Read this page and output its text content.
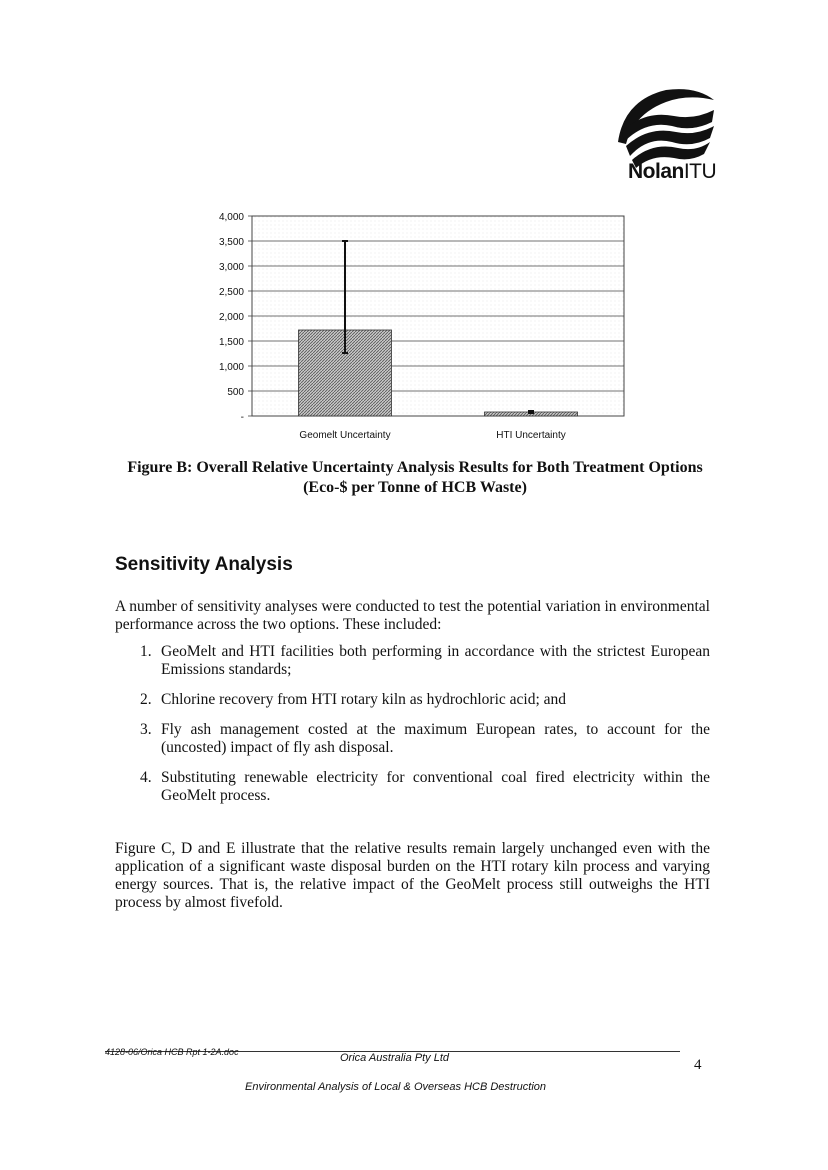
NolanITU
-
500
1,000
1,500
2,000
2,500
3,000
3,500
4,000
Geomelt Uncertainty	HTI Uncertainty
Figure B: Overall Relative Uncertainty Analysis Results for Both Treatment Options
(Eco-$ per Tonne of HCB Waste)
Sensitivity Analysis
A number of sensitivity analyses were conducted to test the potential variation in environmental performance across the two options. These included:
1. GeoMelt and HTI facilities both performing in accordance with the strictest European Emissions standards;
2. Chlorine recovery from HTI rotary kiln as hydrochloric acid; and
3. Fly ash management costed at the maximum European rates, to account for the (uncosted) impact of fly ash disposal.
4. Substituting renewable electricity for conventional coal fired electricity within the GeoMelt process.
Figure C, D and E illustrate that the relative results remain largely unchanged even with the application of a significant waste disposal burden on the HTI rotary kiln process and varying energy sources. That is, the relative impact of the GeoMelt process still outweighs the HTI process by almost fivefold.
4128-06/Orica HCB Rpt 1-2A.doc	Orica Australia Pty Ltd	4
Environmental Analysis of Local & Overseas HCB Destruction
